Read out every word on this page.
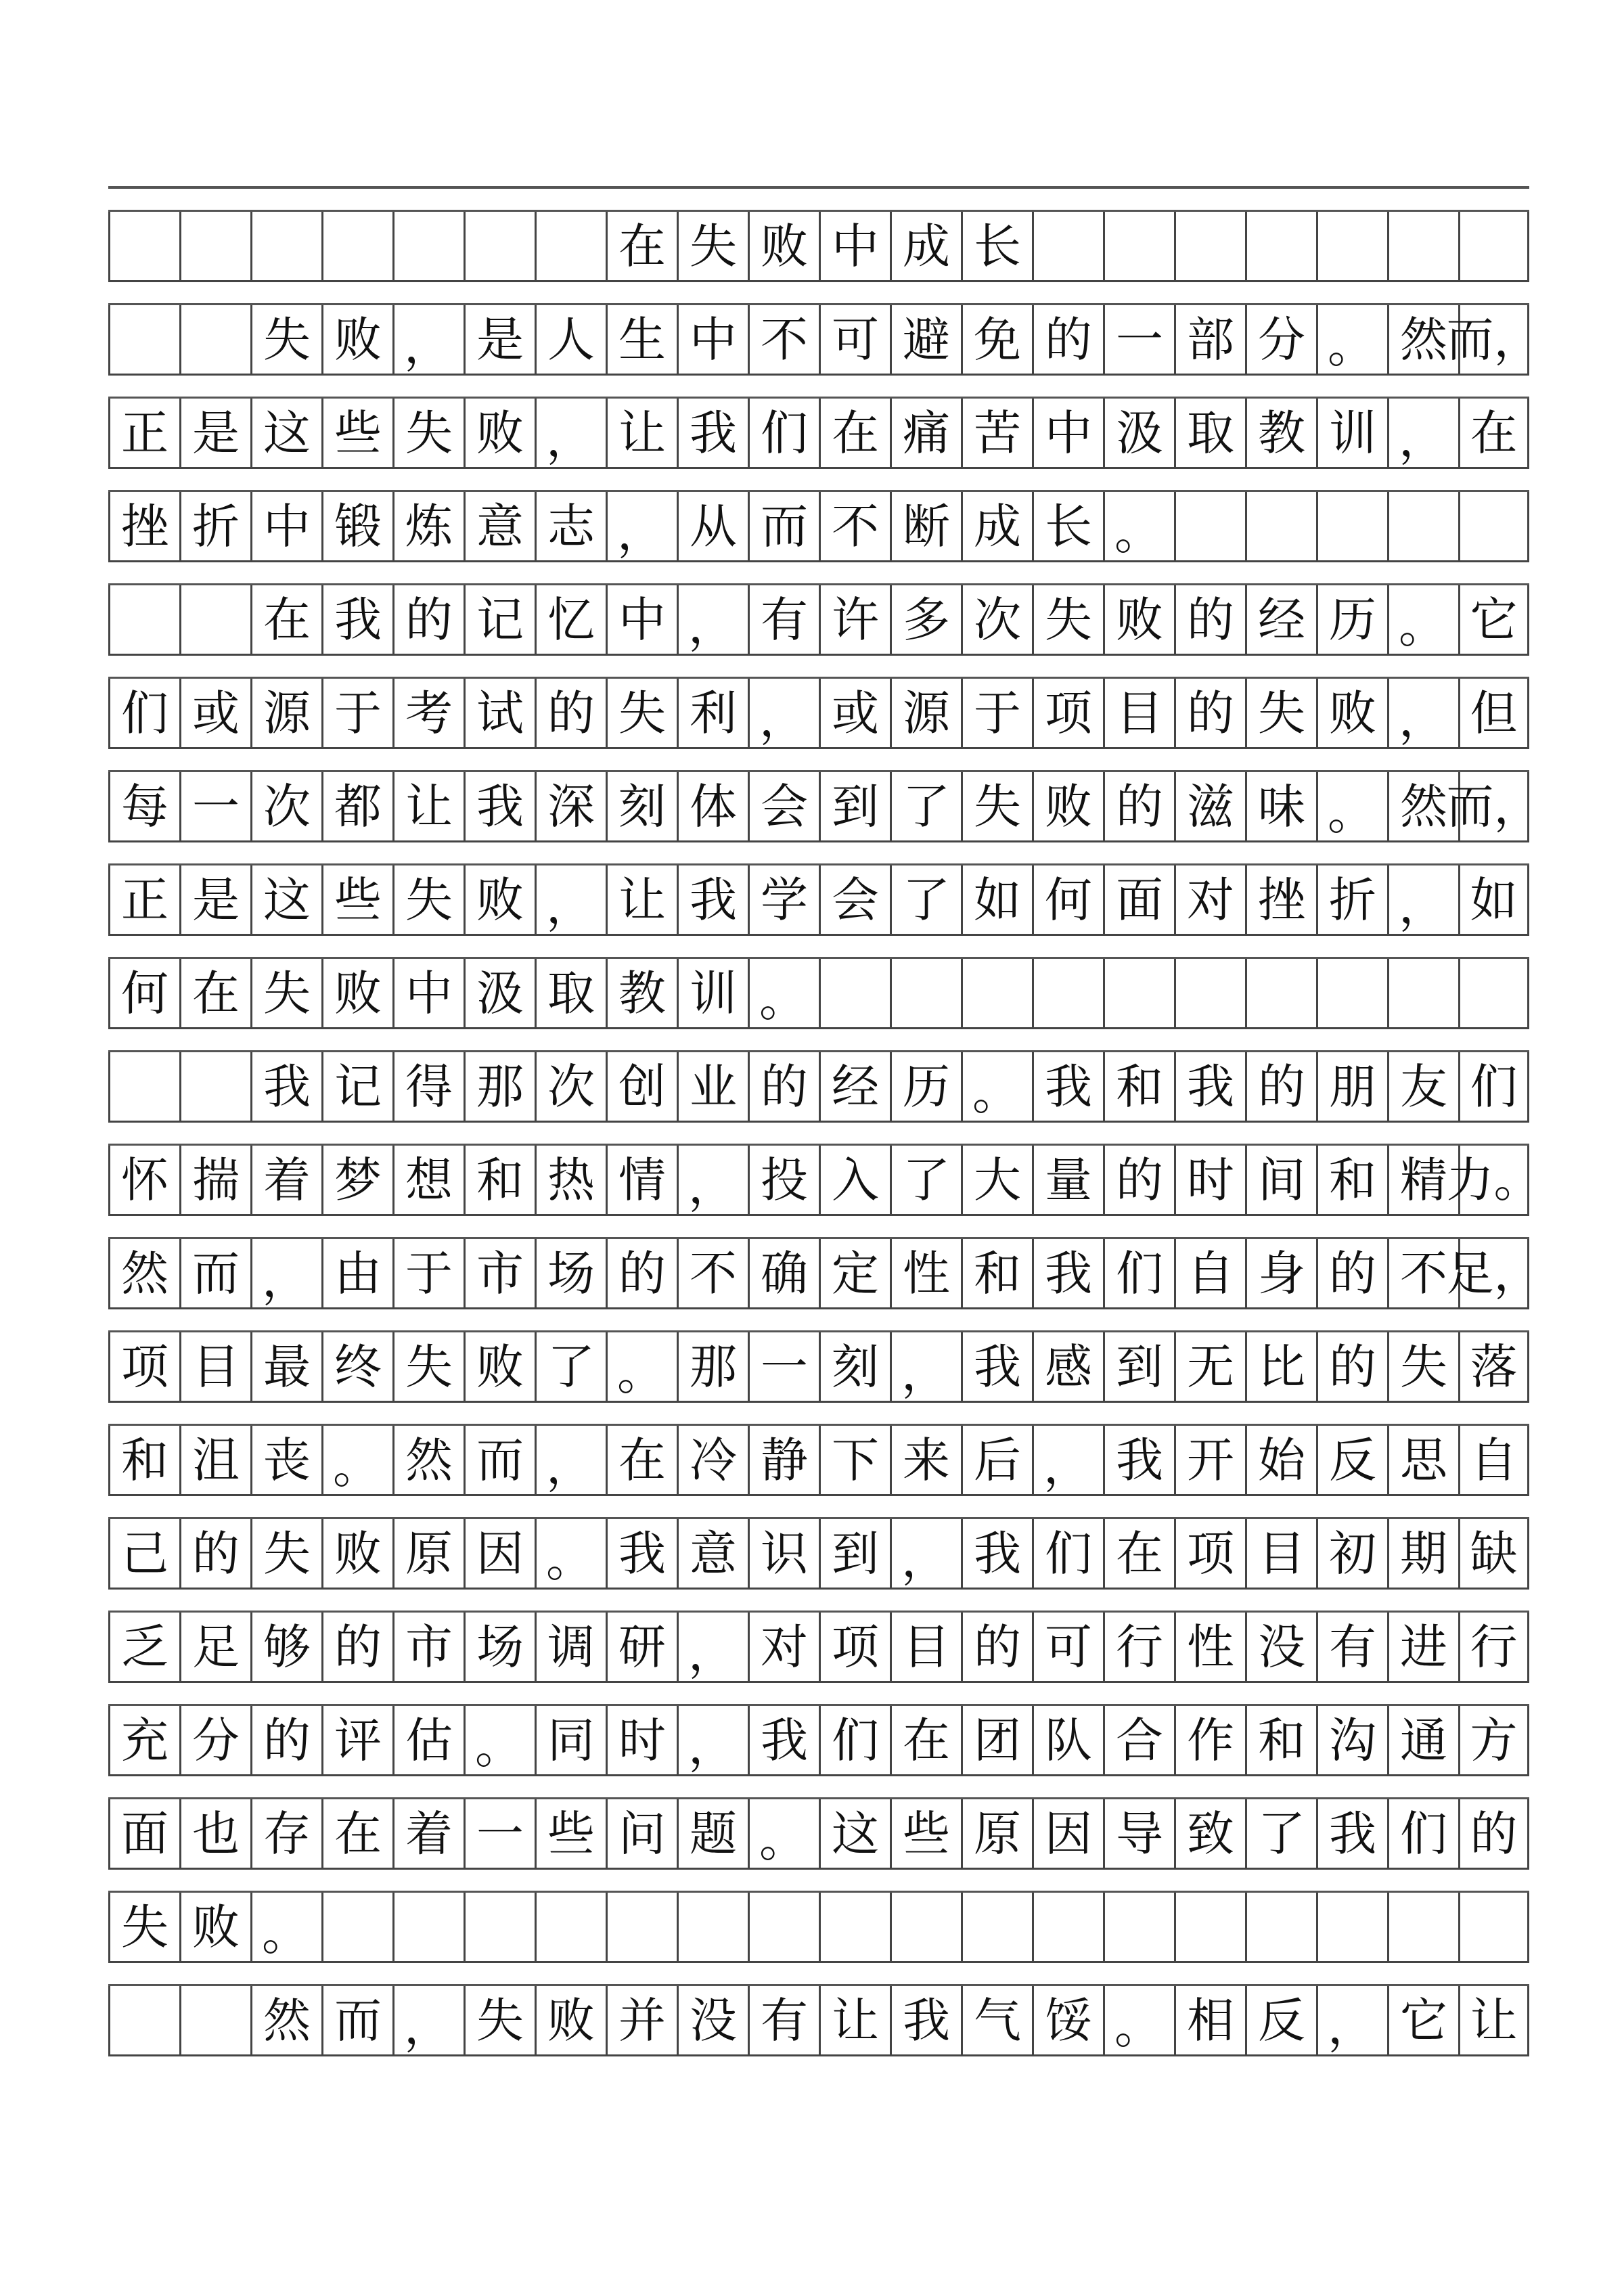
在 失 败 中 成 长
失 败 ， 是 人 生 中 不 可 避 免 的 一 部 分 。 然
而，
正 是 这 些 失 败 ， 让 我 们 在 痛 苦 中 汲 取 教 训 ， 在
挫 折 中 锻 炼 意 志 ， 从 而 不 断 成 长 。
在 我 的 记 忆 中 ， 有 许 多 次 失 败 的 经 历 。 它
们 或 源 于 考 试 的 失 利 ， 或 源 于 项 目 的 失 败 ， 但
每 一 次 都 让 我 深 刻 体 会 到 了 失 败 的 滋 味 。 然
而，
正 是 这 些 失 败 ， 让 我 学 会 了 如 何 面 对 挫 折 ， 如
何 在 失 败 中 汲 取 教 训 。
我 记 得 那 次 创 业 的 经 历 。 我 和 我 的 朋 友 们
怀 揣 着 梦 想 和 热 情 ， 投 入 了 大 量 的 时 间 和 精
力。
然 而 ， 由 于 市 场 的 不 确 定 性 和 我 们 自 身 的 不
足，
项 目 最 终 失 败 了 。 那 一 刻 ， 我 感 到 无 比 的 失 落
和 沮 丧 。 然 而 ， 在 冷 静 下 来 后 ， 我 开 始 反 思 自
己 的 失 败 原 因 。 我 意 识 到 ， 我 们 在 项 目 初 期 缺
乏 足 够 的 市 场 调 研 ， 对 项 目 的 可 行 性 没 有 进 行
充 分 的 评 估 。 同 时 ， 我 们 在 团 队 合 作 和 沟 通 方
面 也 存 在 着 一 些 问 题 。 这 些 原 因 导 致 了 我 们 的
失 败 。
然 而 ， 失 败 并 没 有 让 我 气 馁 。 相 反 ， 它 让
